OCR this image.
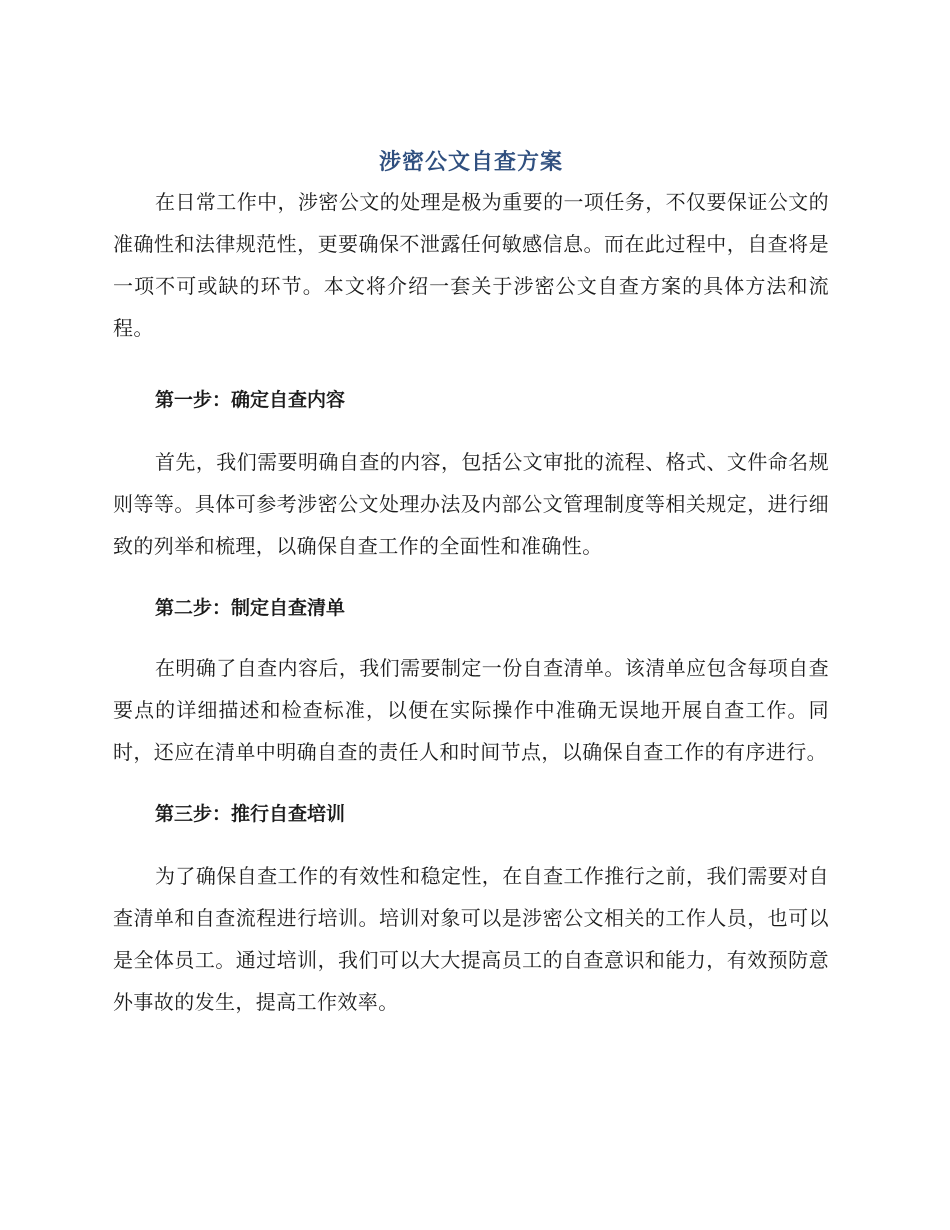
涉密公文自查方案

在日常工作中，涉密公文的处理是极为重要的一项任务，不仅要保证公文的准确性和法律规范性，更要确保不泄露任何敏感信息。而在此过程中，自查将是一项不可或缺的环节。本文将介绍一套关于涉密公文自查方案的具体方法和流程。

第一步：确定自查内容

首先，我们需要明确自查的内容，包括公文审批的流程、格式、文件命名规则等等。具体可参考涉密公文处理办法及内部公文管理制度等相关规定，进行细致的列举和梳理，以确保自查工作的全面性和准确性。

第二步：制定自查清单

在明确了自查内容后，我们需要制定一份自查清单。该清单应包含每项自查要点的详细描述和检查标准，以便在实际操作中准确无误地开展自查工作。同时，还应在清单中明确自查的责任人和时间节点，以确保自查工作的有序进行。

第三步：推行自查培训

为了确保自查工作的有效性和稳定性，在自查工作推行之前，我们需要对自查清单和自查流程进行培训。培训对象可以是涉密公文相关的工作人员，也可以是全体员工。通过培训，我们可以大大提高员工的自查意识和能力，有效预防意外事故的发生，提高工作效率。
